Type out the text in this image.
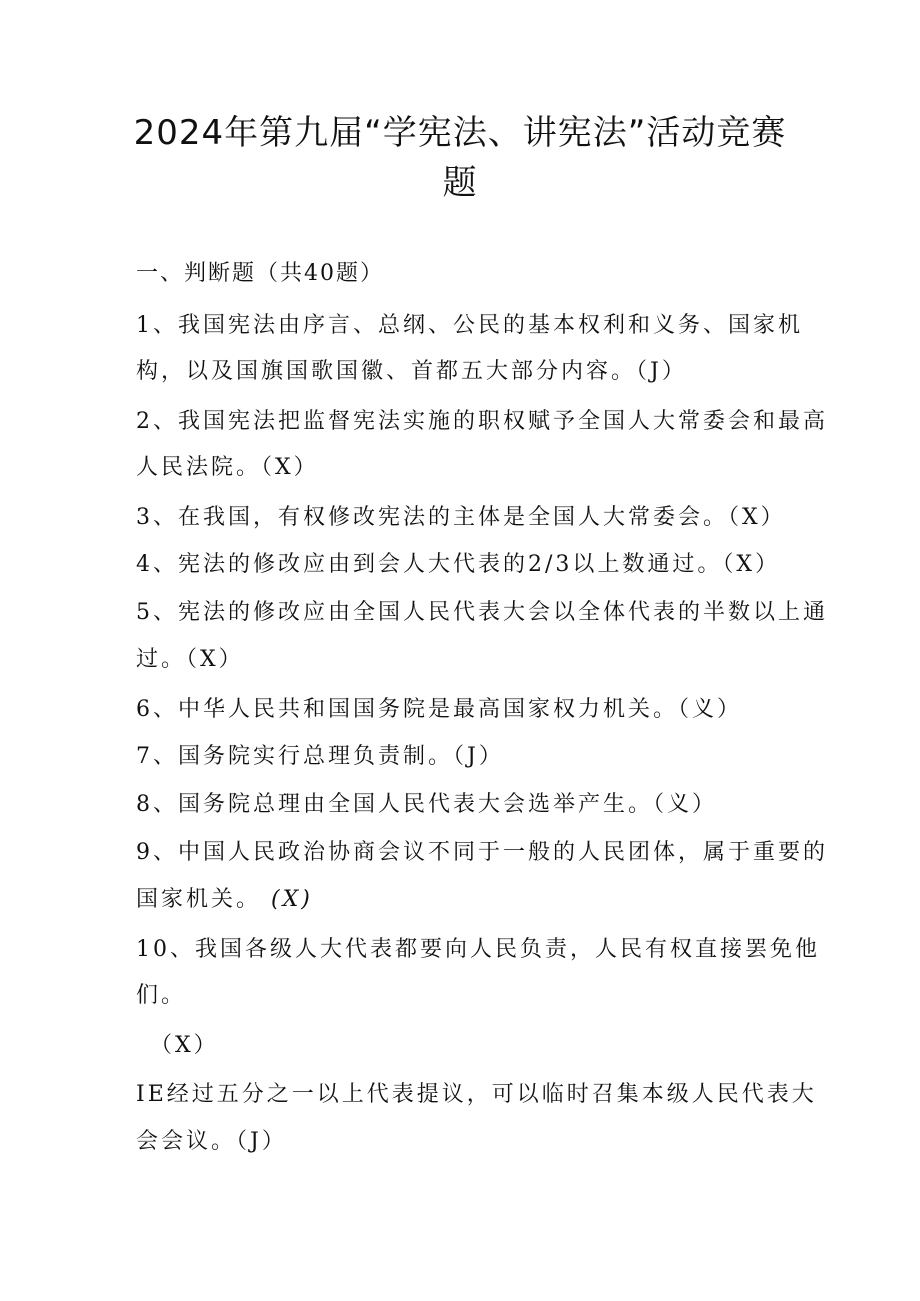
2024年第九届“学宪法、讲宪法”活动竞赛题
一、判断题（共40题）
1、我国宪法由序言、总纲、公民的基本权利和义务、国家机
构，以及国旗国歌国徽、首都五大部分内容。（J）
2、我国宪法把监督宪法实施的职权赋予全国人大常委会和最高
人民法院。（X）
3、在我国，有权修改宪法的主体是全国人大常委会。（X）
4、宪法的修改应由到会人大代表的2/3以上数通过。（X）
5、宪法的修改应由全国人民代表大会以全体代表的半数以上通
过。（X）
6、中华人民共和国国务院是最高国家权力机关。（义）
7、国务院实行总理负责制。（J）
8、国务院总理由全国人民代表大会选举产生。（义）
9、中国人民政治协商会议不同于一般的人民团体，属于重要的
国家机关。 (X)
10、我国各级人大代表都要向人民负责，人民有权直接罢免他
们。
（X）
IE经过五分之一以上代表提议，可以临时召集本级人民代表大
会会议。（J）
